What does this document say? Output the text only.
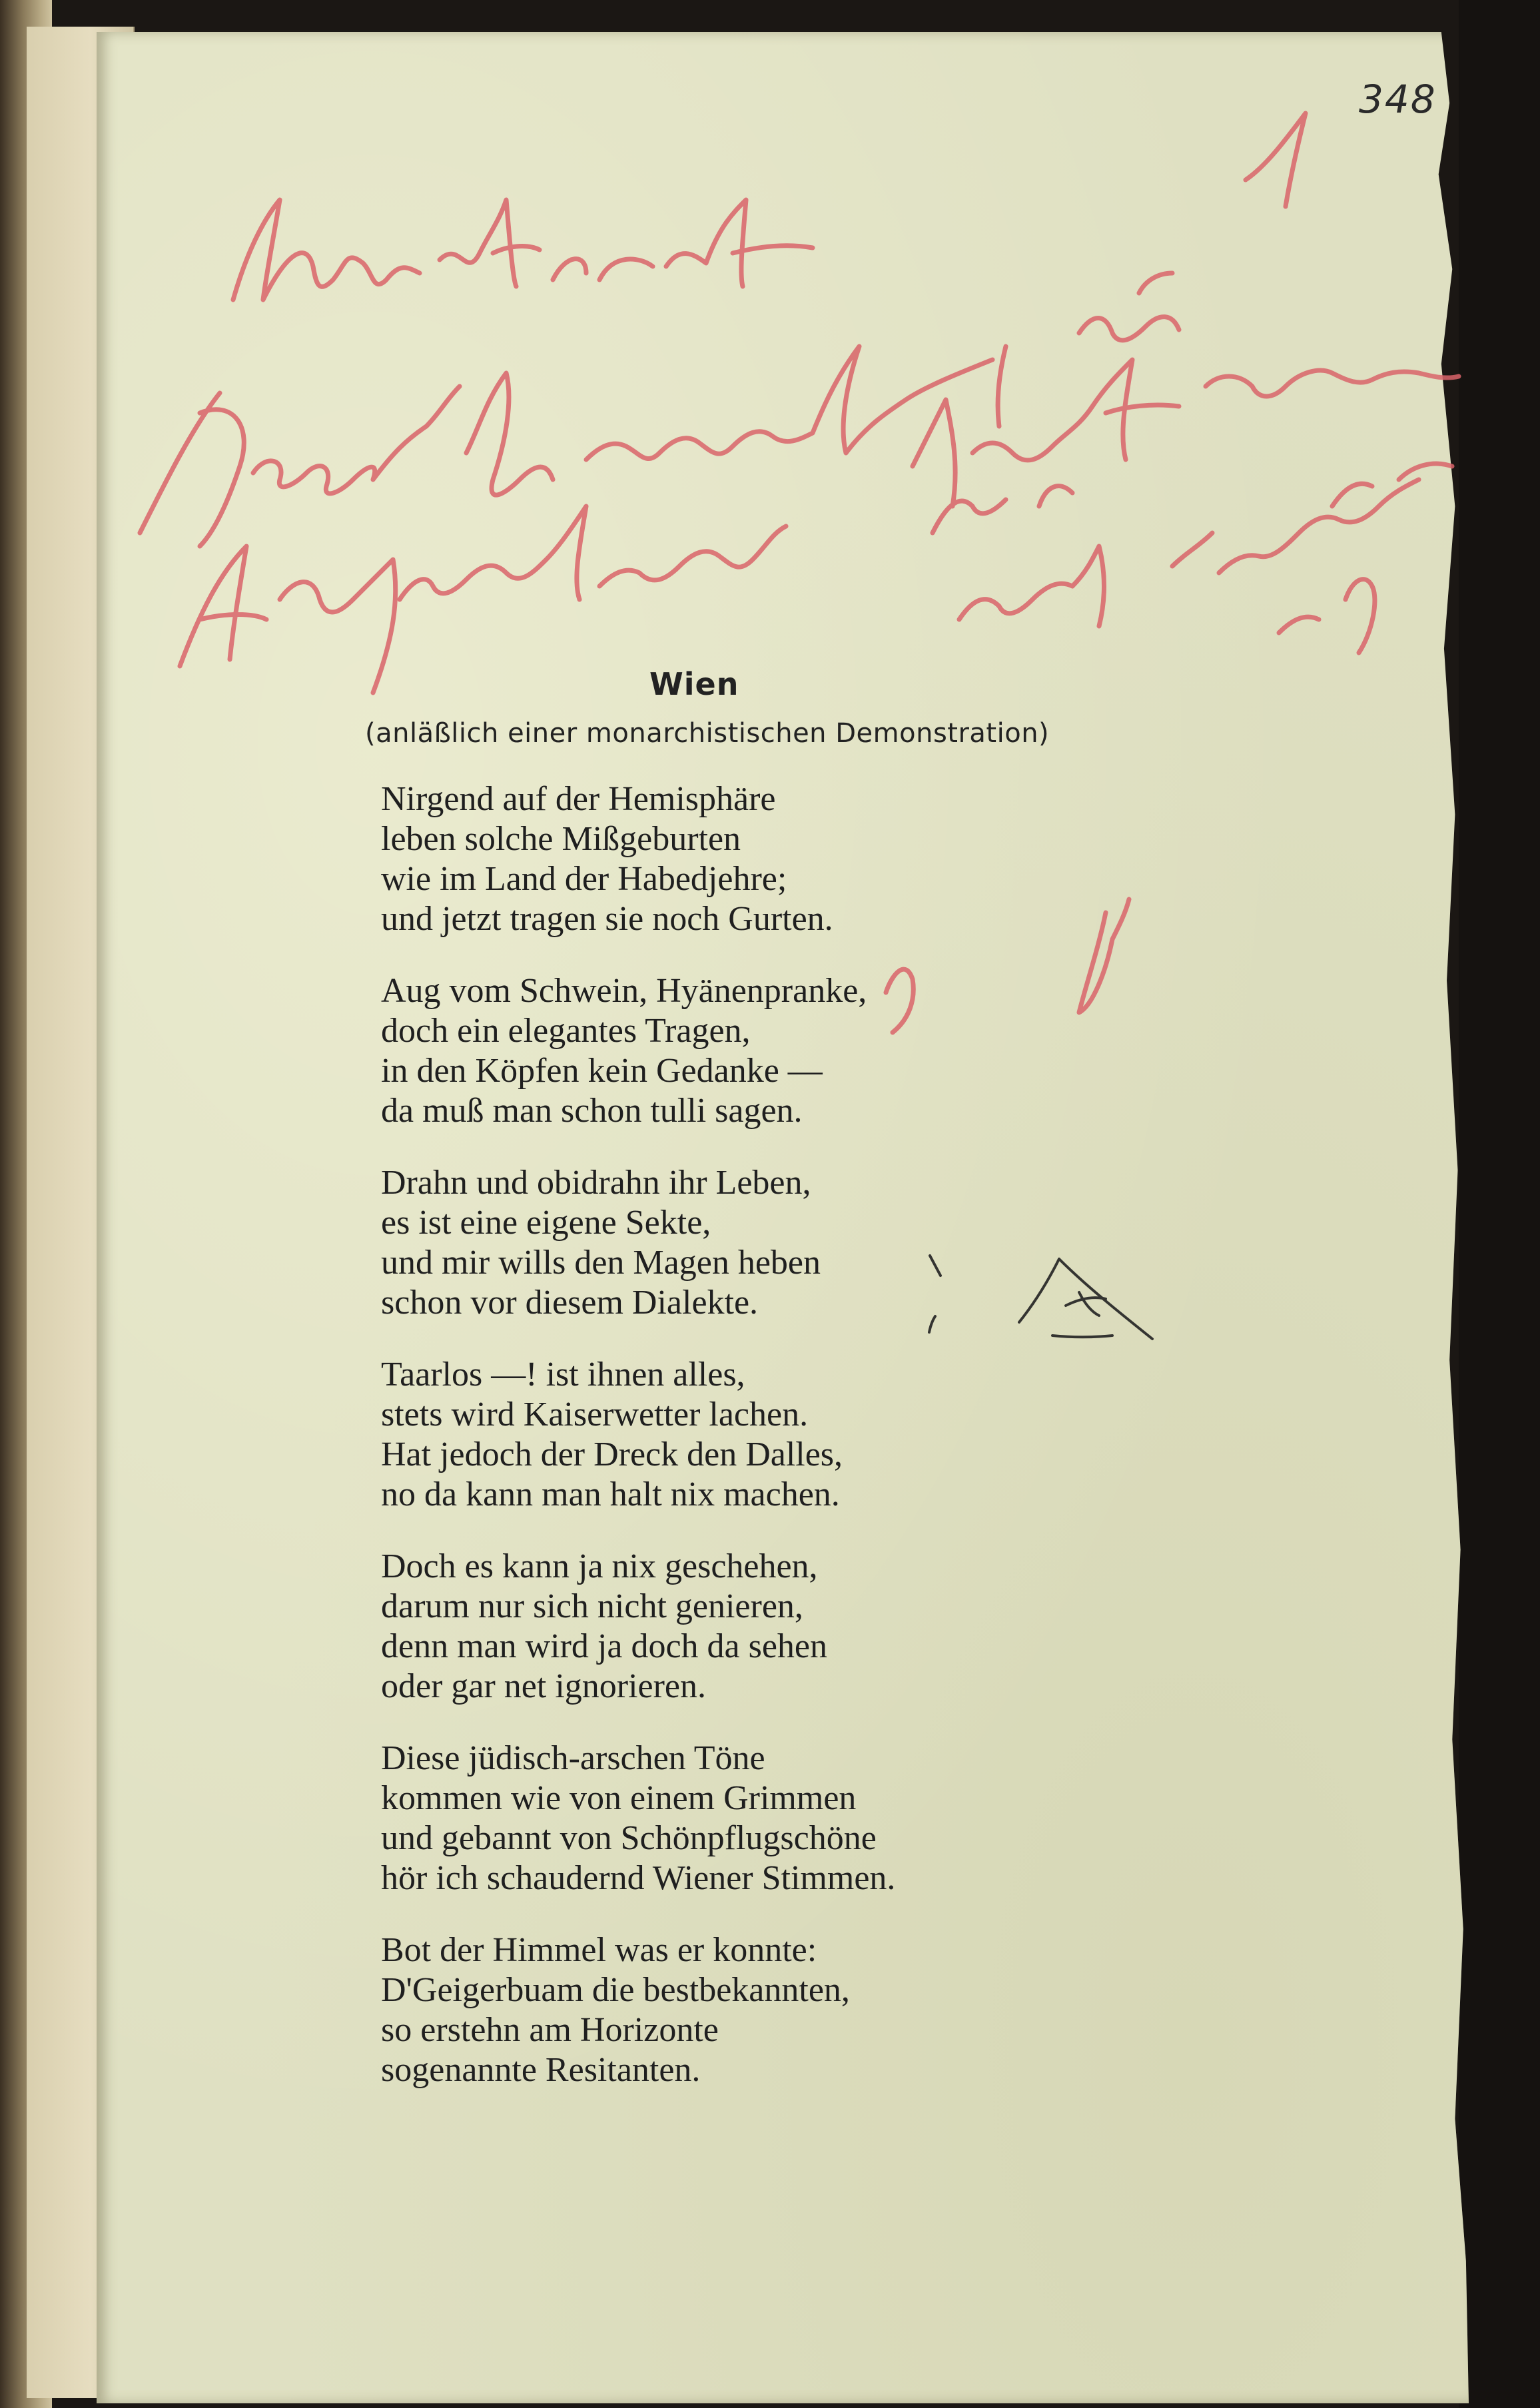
348
Wien
(anläßlich einer monarchistischen Demonstration)
Nirgend auf der Hemisphäre
leben solche Mißgeburten
wie im Land der Habedjehre;
und jetzt tragen sie noch Gurten.
Aug vom Schwein, Hyänenpranke,
doch ein elegantes Tragen,
in den Köpfen kein Gedanke —
da muß man schon tulli sagen.
Drahn und obidrahn ihr Leben,
es ist eine eigene Sekte,
und mir wills den Magen heben
schon vor diesem Dialekte.
Taarlos —! ist ihnen alles,
stets wird Kaiserwetter lachen.
Hat jedoch der Dreck den Dalles,
no da kann man halt nix machen.
Doch es kann ja nix geschehen,
darum nur sich nicht genieren,
denn man wird ja doch da sehen
oder gar net ignorieren.
Diese jüdisch-arschen Töne
kommen wie von einem Grimmen
und gebannt von Schönpflugschöne
hör ich schaudernd Wiener Stimmen.
Bot der Himmel was er konnte:
D'Geigerbuam die bestbekannten,
so erstehn am Horizonte
sogenannte Resitanten.
